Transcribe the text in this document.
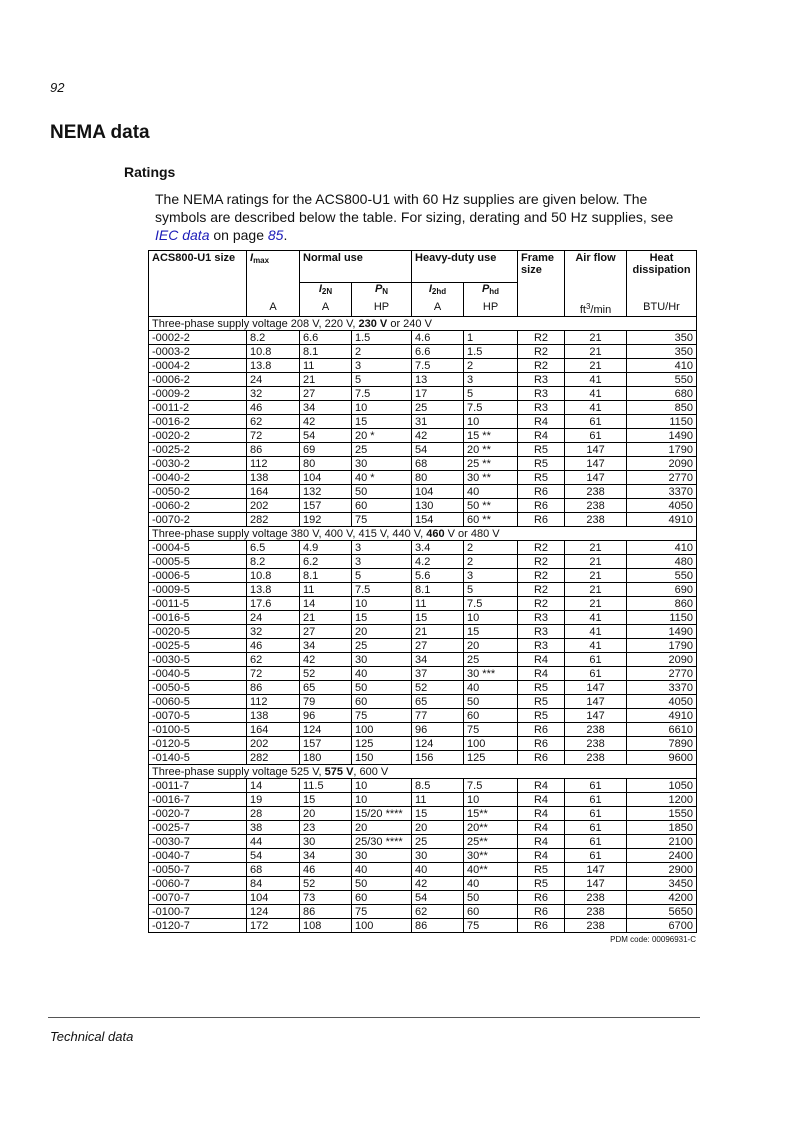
92
NEMA data
Ratings

The NEMA ratings for the ACS800-U1 with 60 Hz supplies are given below. The symbols are described below the table. For sizing, derating and 50 Hz supplies, see IEC data on page 85.

ACS800-U1 size	$I_{max}$	Normal use		Heavy-duty use		Frame size	Air flow	Heat dissipation
		$I_{2N}$	$P_N$	$I_{2hd}$	$P_{hd}$			
	A	A	HP	A	HP		$ft^3/\min$	BTU/Hr
Three-phase supply voltage 208 V, 220 V, 230 V or 240 V								
-0002-2	8.2	6.6	1.5	4.6	1	R2	21	350
-0003-2	10.8	8.1	2	6.6	1.5	R2	21	350
-0004-2	13.8	11	3	7.5	2	R2	21	410
-0006-2	24	21	5	13	3	R3	41	550
-0009-2	32	27	7.5	17	5	R3	41	680
-0011-2	46	34	10	25	7.5	R3	41	850
-0016-2	62	42	15	31	10	R4	61	1150
-0020-2	72	54	20 *	42	15 **	R4	61	1490
-0025-2	86	69	25	54	20 **	R5	147	1790
-0030-2	112	80	30	68	25 **	R5	147	2090
-0040-2	138	104	40 *	80	30 **	R5	147	2770
-0050-2	164	132	50	104	40	R6	238	3370
-0060-2	202	157	60	130	50 **	R6	238	4050
-0070-2	282	192	75	154	60 **	R6	238	4910
Three-phase supply voltage 380 V, 400 V, 415 V, 440 V, 460 V or 480 V								
-0004-5	6.5	4.9	3	3.4	2	R2	21	410
-0005-5	8.2	6.2	3	4.2	2	R2	21	480
-0006-5	10.8	8.1	5	5.6	3	R2	21	550
-0009-5	13.8	11	7.5	8.1	5	R2	21	690
-0011-5	17.6	14	10	11	7.5	R2	21	860
-0016-5	24	21	15	15	10	R3	41	1150
-0020-5	32	27	20	21	15	R3	41	1490
-0025-5	46	34	25	27	20	R3	41	1790
-0030-5	62	42	30	34	25	R4	61	2090
-0040-5	72	52	40	37	30 ***	R4	61	2770
-0050-5	86	65	50	52	40	R5	147	3370
-0060-5	112	79	60	65	50	R5	147	4050
-0070-5	138	96	75	77	60	R5	147	4910
-0100-5	164	124	100	96	75	R6	238	6610
-0120-5	202	157	125	124	100	R6	238	7890
-0140-5	282	180	150	156	125	R6	238	9600
Three-phase supply voltage 525 V, 575 V, 600 V								
-0011-7	14	11.5	10	8.5	7.5	R4	61	1050
-0016-7	19	15	10	11	10	R4	61	1200
-0020-7	28	20	15/20 ****	15	15**	R4	61	1550
-0025-7	38	23	20	20	20**	R4	61	1850
-0030-7	44	30	25/30 ****	25	25**	R4	61	2100
-0040-7	54	34	30	30	30**	R4	61	2400
-0050-7	68	46	40	40	40**	R5	147	2900
-0060-7	84	52	50	42	40	R5	147	3450
-0070-7	104	73	60	54	50	R6	238	4200
-0100-7	124	86	75	62	60	R6	238	5650
-0120-7	172	108	100	86	75	R6	238	6700
PDM code: 00096931-C
Technical data
